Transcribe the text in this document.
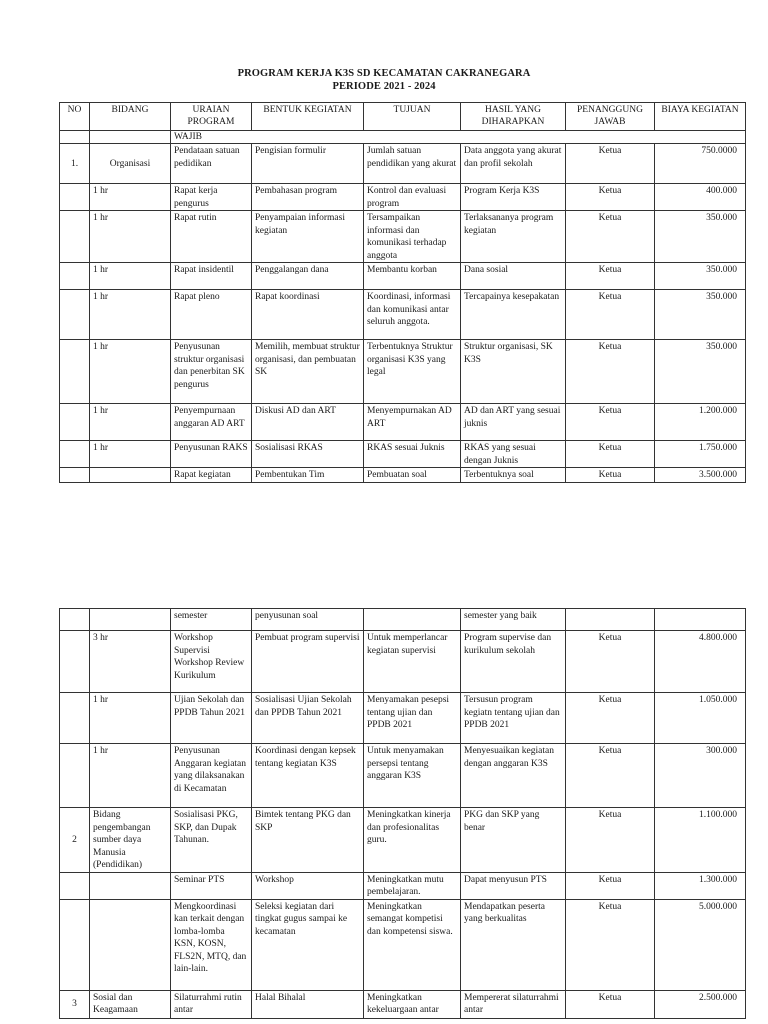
PROGRAM KERJA K3S SD KECAMATAN CAKRANEGARA
PERIODE 2021 - 2024
NO	BIDANG	URAIAN PROGRAM	BENTUK KEGIATAN	TUJUAN	HASIL YANG DIHARAPKAN	PENANGGUNG JAWAB	BIAYA KEGIATAN
		WAJIB					
1.	Organisasi	Pendataan satuan pedidikan	Pengisian formulir	Jumlah satuan pendidikan yang akurat	Data anggota yang akurat dan profil sekolah	Ketua	750.0000
	1 hr	Rapat kerja pengurus	Pembahasan program	Kontrol dan evaluasi program	Program Kerja K3S	Ketua	400.000
	1 hr	Rapat rutin	Penyampaian informasi kegiatan	Tersampaikan informasi dan komunikasi terhadap anggota	Terlaksananya program kegiatan	Ketua	350.000
	1 hr	Rapat insidentil	Penggalangan dana	Membantu korban	Dana sosial	Ketua	350.000
	1 hr	Rapat pleno	Rapat koordinasi	Koordinasi, informasi dan komunikasi antar seluruh anggota.	Tercapainya kesepakatan	Ketua	350.000
	1 hr	Penyusunan struktur organisasi dan penerbitan SK pengurus	Memilih, membuat struktur organisasi, dan pembuatan SK	Terbentuknya Struktur organisasi K3S yang legal	Struktur organisasi, SK K3S	Ketua	350.000
	1 hr	Penyempurnaan anggaran AD ART	Diskusi AD dan ART	Menyempurnakan AD ART	AD dan ART yang sesuai juknis	Ketua	1.200.000
	1 hr	Penyusunan RAKS	Sosialisasi RKAS	RKAS sesuai Juknis	RKAS yang sesuai dengan Juknis	Ketua	1.750.000
		Rapat kegiatan	Pembentukan Tim	Pembuatan soal	Terbentuknya soal	Ketua	3.500.000
		semester	penyusunan soal		semester yang baik		
	3 hr	Workshop Supervisi Workshop Review Kurikulum	Pembuat program supervisi	Untuk memperlancar kegiatan supervisi	Program supervise dan kurikulum sekolah	Ketua	4.800.000
	1 hr	Ujian Sekolah dan PPDB Tahun 2021	Sosialisasi Ujian Sekolah dan PPDB Tahun 2021	Menyamakan pesepsi tentang ujian dan PPDB 2021	Tersusun program kegiatn tentang ujian dan PPDB 2021	Ketua	1.050.000
	1 hr	Penyusunan Anggaran kegiatan yang dilaksanakan di Kecamatan	Koordinasi dengan kepsek tentang kegiatan K3S	Untuk menyamakan persepsi tentang anggaran K3S	Menyesuaikan kegiatan dengan anggaran K3S	Ketua	300.000
2	Bidang pengembangan sumber daya Manusia (Pendidikan)	Sosialisasi PKG, SKP, dan Dupak Tahunan.	Bimtek tentang PKG dan SKP	Meningkatkan kinerja dan profesionalitas guru.	PKG dan SKP yang benar	Ketua	1.100.000
		Seminar PTS	Workshop	Meningkatkan mutu pembelajaran.	Dapat menyusun PTS	Ketua	1.300.000
		Mengkoordinasi kan terkait dengan lomba-lomba KSN, KOSN, FLS2N, MTQ, dan lain-lain.	Seleksi kegiatan dari tingkat gugus sampai ke kecamatan	Meningkatkan semangat kompetisi dan kompetensi siswa.	Mendapatkan peserta yang berkualitas	Ketua	5.000.000
3	Sosial dan Keagamaan	Silaturrahmi rutin antar	Halal Bihalal	Meningkatkan kekeluargaan antar	Mempererat silaturrahmi antar	Ketua	2.500.000
